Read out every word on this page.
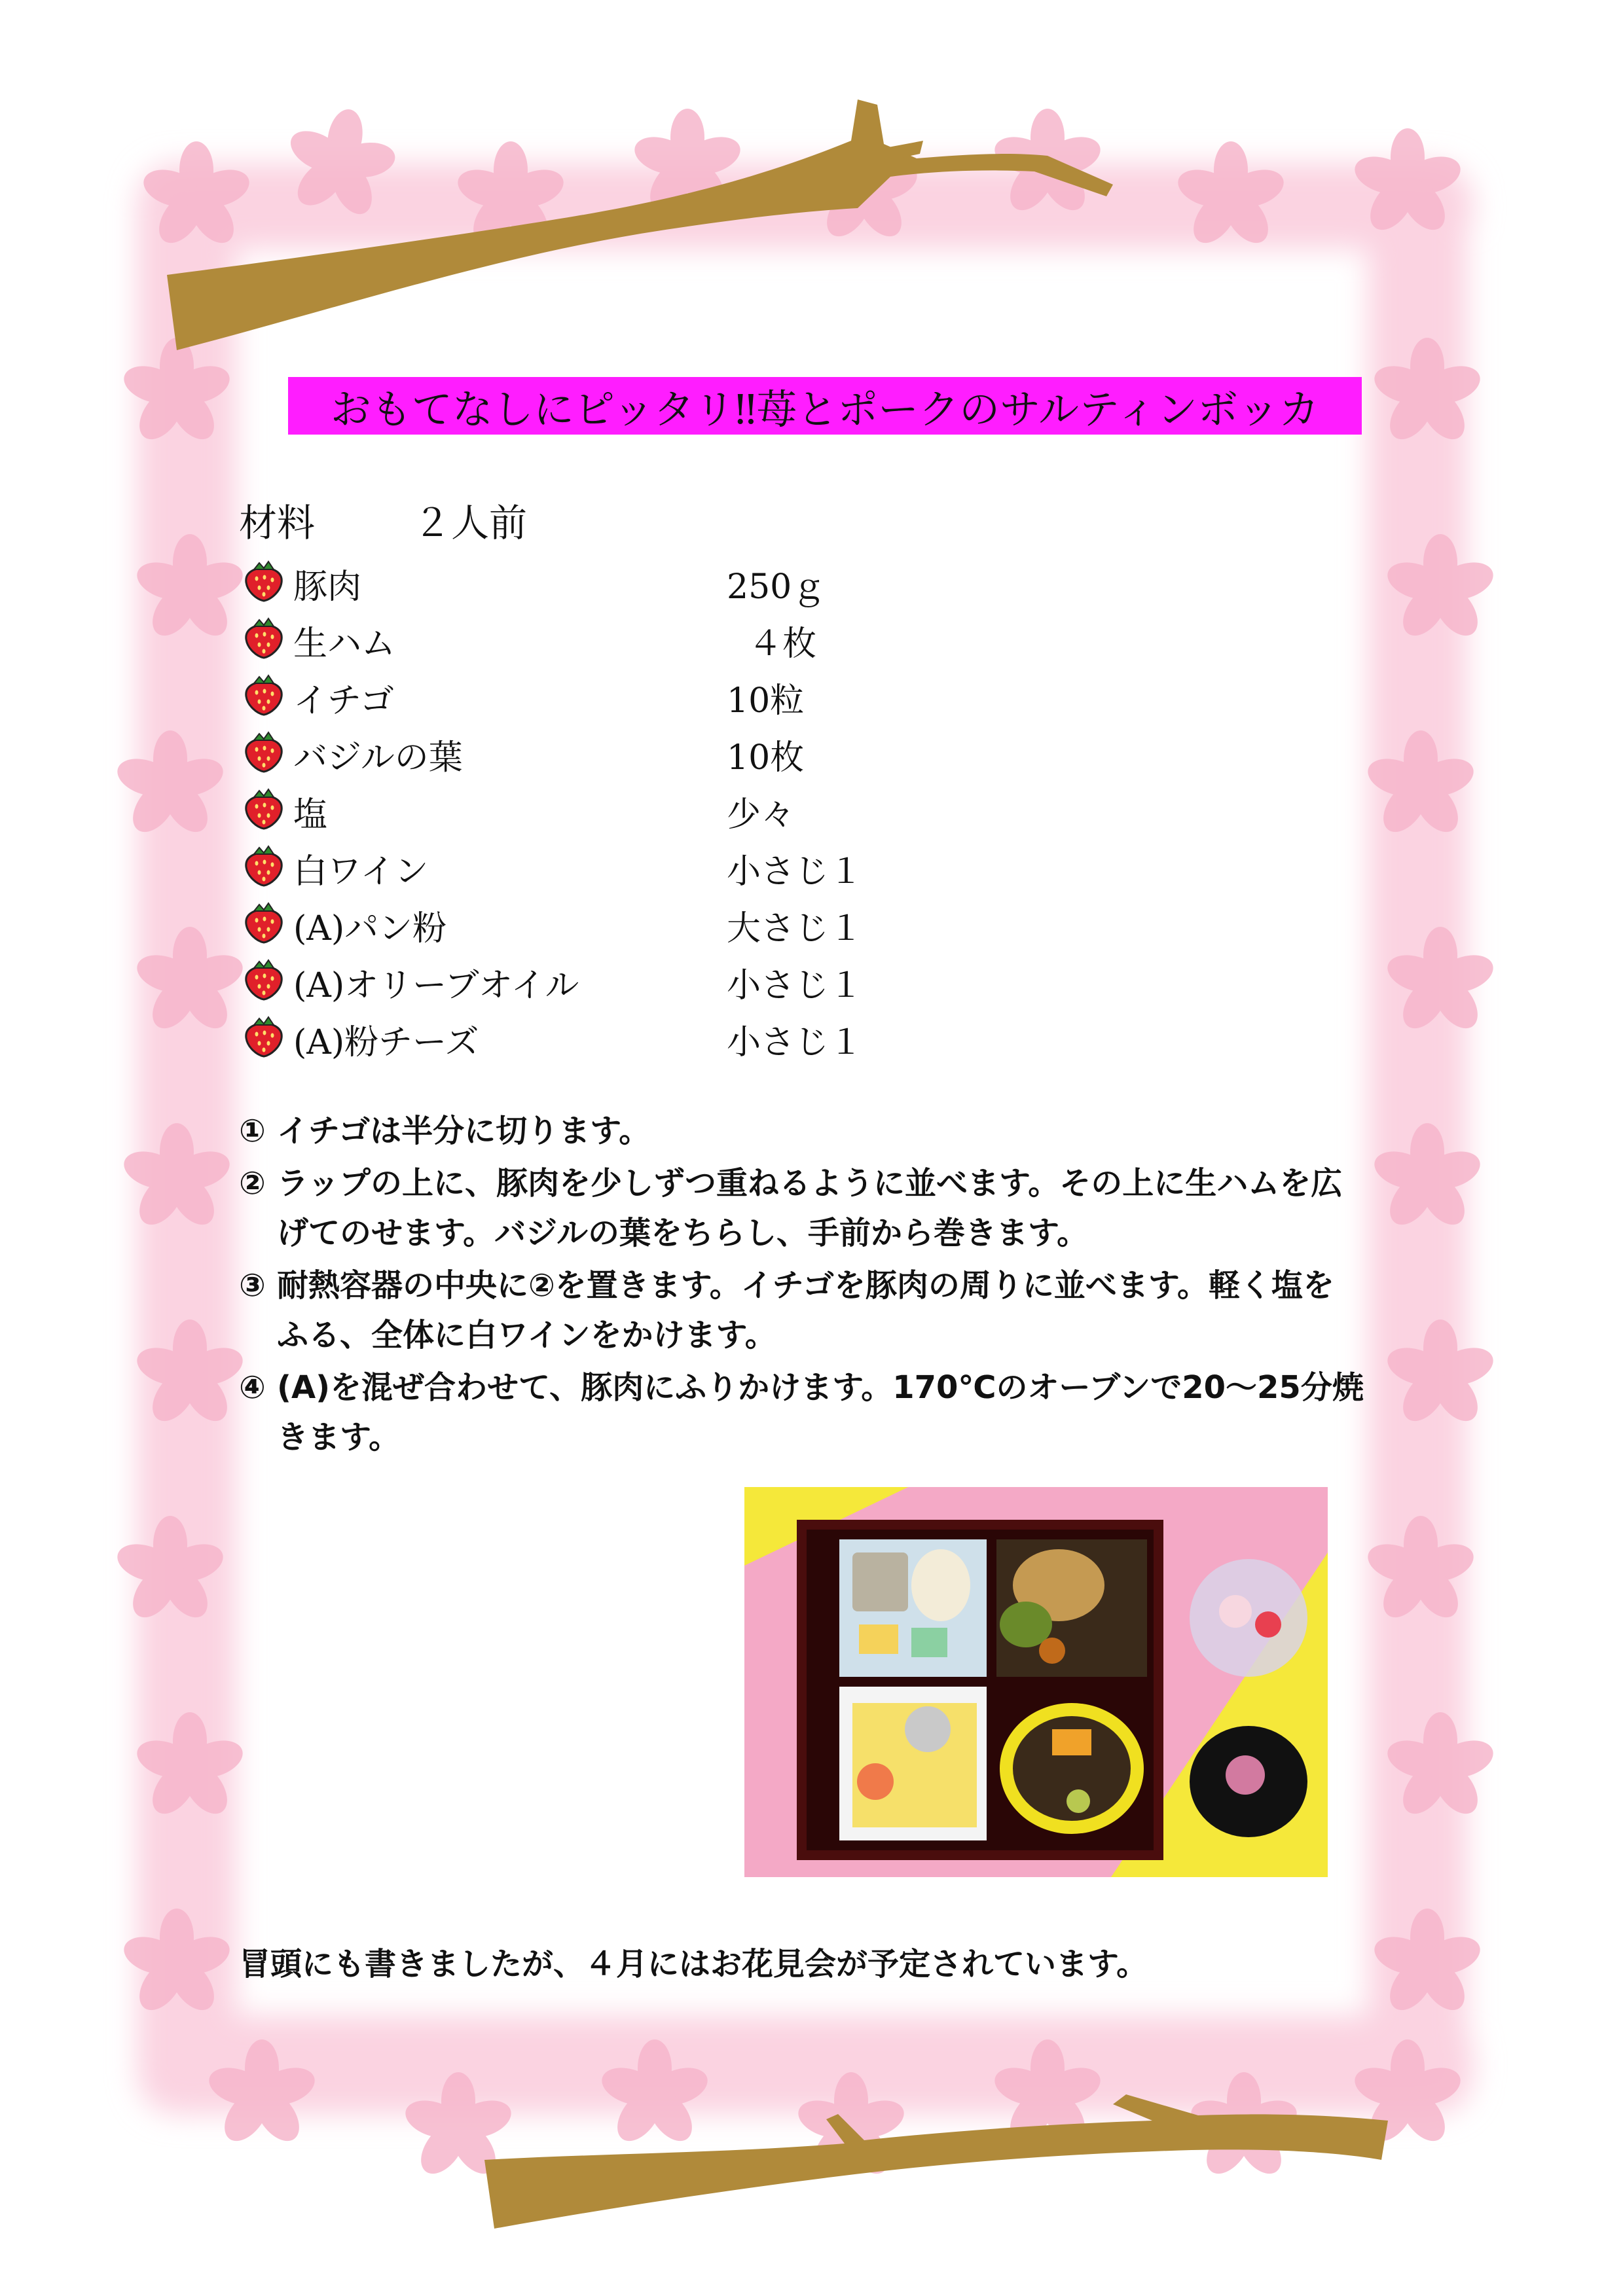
おもてなしにピッタリ‼苺とポークのサルティンボッカ
材料	２人前
豚肉	250ｇ
生ハム	４枚
イチゴ	10粒
バジルの葉	10枚
塩	少々
白ワイン	小さじ１
(A)パン粉	大さじ１
(A)オリーブオイル	小さじ１
(A)粉チーズ	小さじ１
① イチゴは半分に切ります。
② ラップの上に、豚肉を少しずつ重ねるように並べます。その上に生ハムを広げてのせます。バジルの葉をちらし、手前から巻きます。
③ 耐熱容器の中央に②を置きます。イチゴを豚肉の周りに並べます。軽く塩をふる、全体に白ワインをかけます。
④ (A)を混ぜ合わせて、豚肉にふりかけます。170℃のオーブンで20～25分焼きます。
冒頭にも書きましたが、４月にはお花見会が予定されています。
